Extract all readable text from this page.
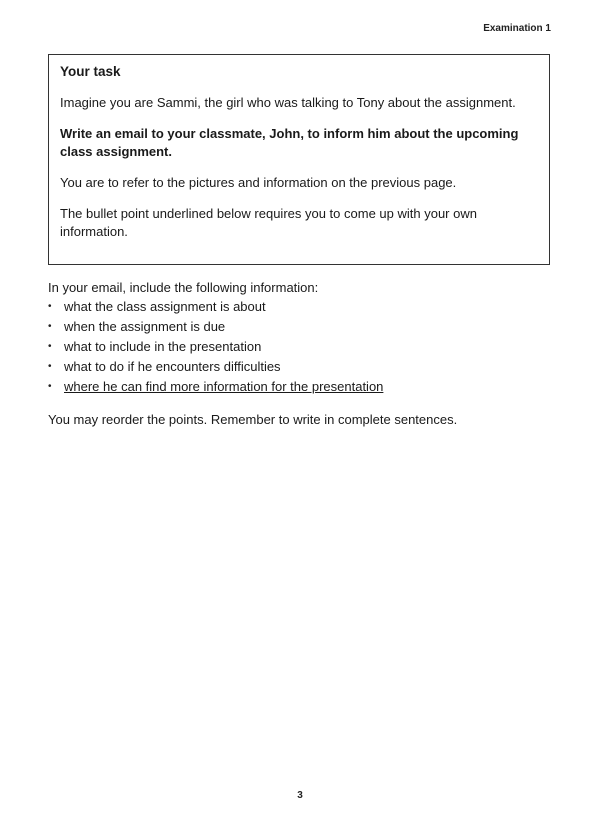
Examination 1
Your task

Imagine you are Sammi, the girl who was talking to Tony about the assignment.

Write an email to your classmate, John, to inform him about the upcoming class assignment.

You are to refer to the pictures and information on the previous page.

The bullet point underlined below requires you to come up with your own information.

In your email, include the following information:

• what the class assignment is about
• when the assignment is due
• what to include in the presentation
• what to do if he encounters difficulties
• where he can find more information for the presentation

You may reorder the points. Remember to write in complete sentences.

3
